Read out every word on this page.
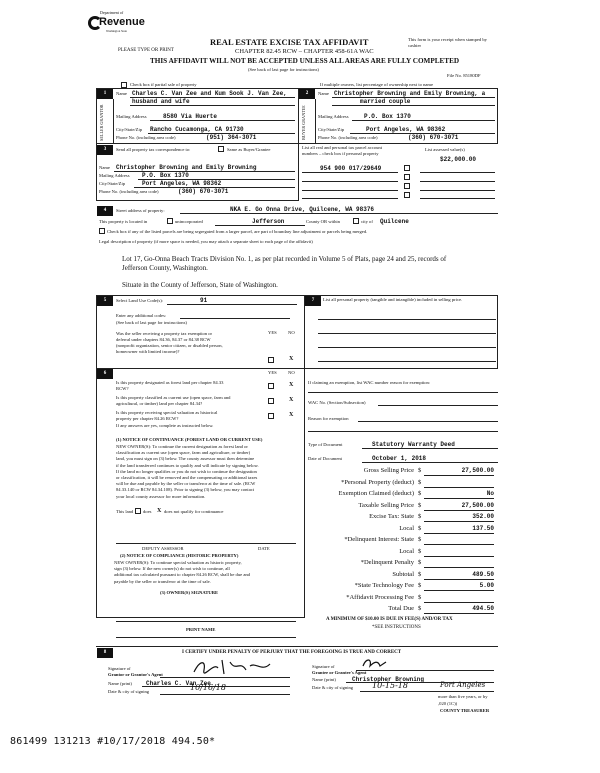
Department of
Revenue
Washington State
PLEASE TYPE OR PRINT
REAL ESTATE EXCISE TAX AFFIDAVIT
CHAPTER 82.45 RCW – CHAPTER 458-61A WAC
THIS AFFIDAVIT WILL NOT BE ACCEPTED UNLESS ALL AREAS ARE FULLY COMPLETED
(See back of last page for instructions)
This form is your receipt when stamped by cashier
File No. 85180DF
Check box if partial sale of property	If multiple owners, list percentage of ownership next to name
1	2
SELLER GRANTOR	BUYER GRANTEE
Name Charles C. Van Zee and Kum Sook J. Van Zee,
husband and wife
Mailing Address	8580 Via Huerte
City/State/Zip Rancho Cucamonga, CA 91730
Phone No. (including area code)	(951) 364-3071
Name Christopher Browning and Emily Browning, a
married couple
Mailing Address	P.O. Box 1370
City/State/Zip	Port Angeles, WA 98362
Phone No. (including area code)	(360) 670-3071
3	Send all property tax correspondence to:	Same as Buyer/Grantee
Name Christopher Browning and Emily Browning
Mailing Address P.O. Box 1370
City/State/Zip	Port Angeles, WA 98362
Phone No. (including area code)	(360) 670-3071
List all real and personal tax parcel account
numbers – check box if personal property
List assessed value(s)
$22,000.00
954 900 017/29649
4	Street address of property:	NKA E. Go Onna Drive, Quilcene, WA 98376
This property is located in	unincorporated	Jefferson	County OR within	city of Quilcene
Check box if any of the listed parcels are being segregated from a larger parcel, are part of boundary line adjustment or parcels being merged.
Legal description of property (if more space is needed, you may attach a separate sheet to each page of the affidavit)
Lot 17, Go-Onna Beach Tracts Division No. 1, as per plat recorded in Volume 5 of Plats, page 24 and 25, records of
Jefferson County, Washington.
Situate in the County of Jefferson, State of Washington.
5	Select Land Use Code(s):	91
Enter any additional codes:
(See back of last page for instructions)
YES NO
Was the seller receiving a property tax exemption or
deferral under chapters 84.36, 84.37 or 84.38 RCW
(nonprofit organization, senior citizen, or disabled person,
homeowner with limited income)?
X
7	List all personal property (tangible and intangible) included in selling price.
6	YES NO
Is this property designated as forest land per chapter 84.33
RCW?
X
Is this property classified as current use (open space, farm and
agricultural, or timber) land per chapter 84.34?
X
Is this property receiving special valuation as historical
property per chapter 84.26 RCW?
X
If any answers are yes, complete as instructed below.
(1) NOTICE OF CONTINUANCE (FOREST LAND OR CURRENT USE)
NEW OWNER(S): To continue the current designation as forest land or
classification as current use (open space, farm and agriculture, or timber)
land, you must sign on (3) below. The county assessor must then determine
if the land transferred continues to qualify and will indicate by signing below.
If the land no longer qualifies or you do not wish to continue the designation
or classification, it will be removed and the compensating or additional taxes
will be due and payable by the seller or transferor at the time of sale. (RCW
84.33.140 or RCW 84.34.108). Prior to signing (3) below, you may contact
your local county assessor for more information.
This land does X does not qualify for continuance
DEPUTY ASSESSOR	DATE
(2) NOTICE OF COMPLIANCE (HISTORIC PROPERTY)
NEW OWNER(S): To continue special valuation as historic property,
sign (3) below. If the new owner(s) do not wish to continue, all
additional tax calculated pursuant to chapter 84.26 RCW, shall be due and
payable by the seller or transferor at the time of sale.
(3) OWNER(S) SIGNATURE
PRINT NAME
If claiming an exemption, list WAC number reason for exemption:
WAC No. (Section/Subsection)
Reason for exemption
Type of Document	Statutory Warranty Deed
Date of Document	October 1, 2018
Gross Selling Price $	27,500.00
*Personal Property (deduct) $
Exemption Claimed (deduct) $	No
Taxable Selling Price $	27,500.00
Excise Tax: State $	352.00
Local $	137.50
*Delinquent Interest: State $
Local $
*Delinquent Penalty $
Subtotal $	489.50
*State Technology Fee $	5.00
*Affidavit Processing Fee $
Total Due $	494.50
A MINIMUM OF $10.00 IS DUE IN FEE(S) AND/OR TAX
*SEE INSTRUCTIONS
8	I CERTIFY UNDER PENALTY OF PERJURY THAT THE FOREGOING IS TRUE AND CORRECT
Signature of
Grantor or Grantor's Agent
Name (print) Charles C. Van Zee
Date & city of signing	10/16/18
Signature of
Grantee or Grantee's Agent
Name (print)	Christopher Browning
Date & city of signing 10-15-18	Port Angeles
more than five years, or by
,020 (1C))
COUNTY TREASURER
861499 131213 #10/17/2018 494.50*
